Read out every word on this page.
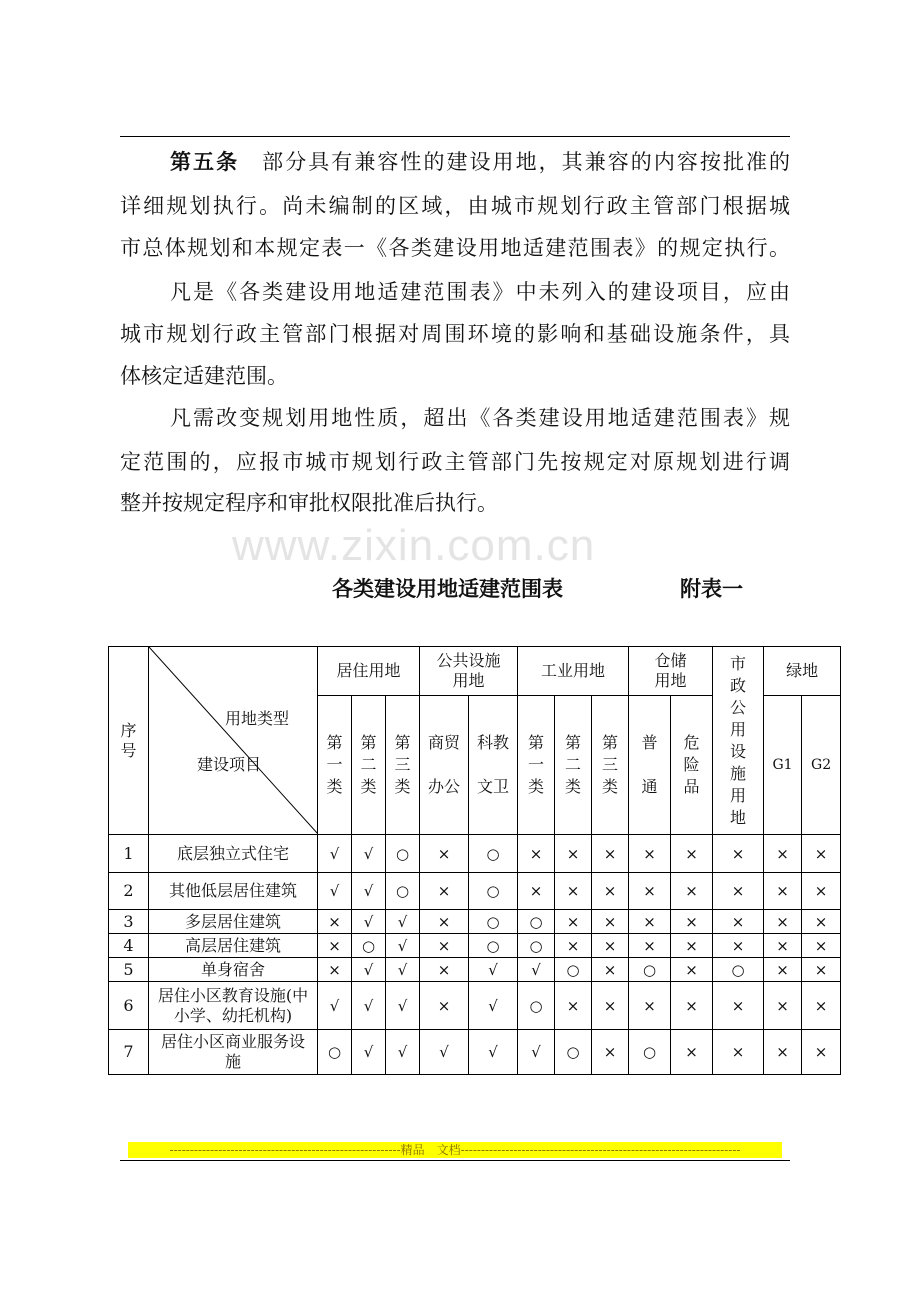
第五条　 部分具有兼容性的建设用地，其兼容的内容按批准的
详细规划执行。尚未编制的区域，由城市规划行政主管部门根据城
市总体规划和本规定表一《各类建设用地适建范围表》的规定执行。
凡是《各类建设用地适建范围表》中未列入的建设项目，应由
城市规划行政主管部门根据对周围环境的影响和基础设施条件，具
体核定适建范围。
凡需改变规划用地性质，超出《各类建设用地适建范围表》规
定范围的，应报市城市规划行政主管部门先按规定对原规划进行调
整并按规定程序和审批权限批准后执行。
www.zixin.com.cn
各类建设用地适建范围表	附表一
序号	用地类型
建设项目	居住用地			公共设施用地		工业用地			仓储用地		市政公用设施用地	绿地	
		第一类	第二类	第三类	商贸办公	科教文卫	第一类	第二类	第三类	普通	危险品		G1	G2
1	底层独立式住宅	√	√	○	×	○	×	×	×	×	×	×	×	×
2	其他低层居住建筑	√	√	○	×	○	×	×	×	×	×	×	×	×
3	多层居住建筑	×	√	√	×	○	○	×	×	×	×	×	×	×
4	高层居住建筑	×	○	√	×	○	○	×	×	×	×	×	×	×
5	单身宿舍	×	√	√	×	√	√	○	×	○	×	○	×	×
6	居住小区教育设施(中小学、幼托机构)	√	√	√	×	√	○	×	×	×	×	×	×	×
7	居住小区商业服务设施	○	√	√	√	√	√	○	×	○	×	×	×	×
---------------------------------------------------------精品　文档---------------------------------------------------------------------
